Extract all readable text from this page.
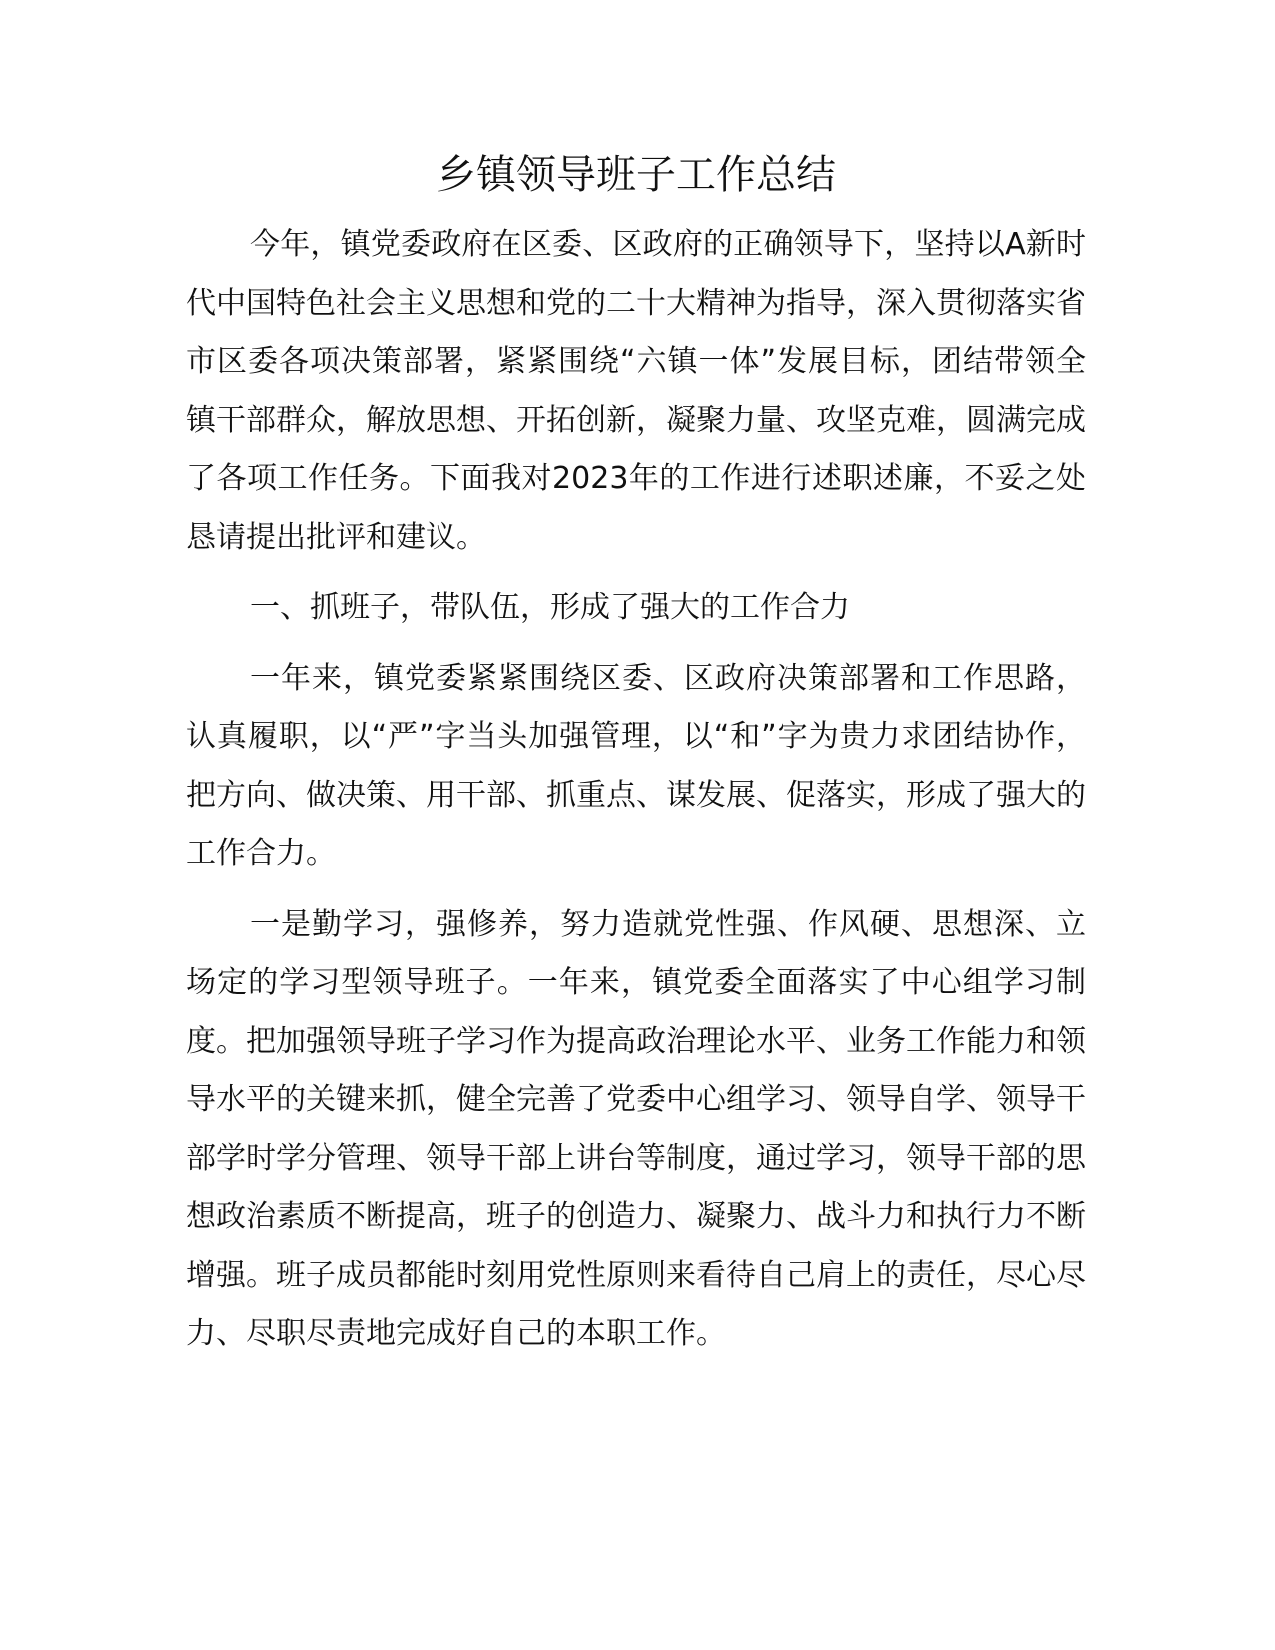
乡镇领导班子工作总结

今年，镇党委政府在区委、区政府的正确领导下，坚持以A新时代中国特色社会主义思想和党的二十大精神为指导，深入贯彻落实省市区委各项决策部署，紧紧围绕“六镇一体”发展目标，团结带领全镇干部群众，解放思想、开拓创新，凝聚力量、攻坚克难，圆满完成了各项工作任务。下面我对2023年的工作进行述职述廉，不妥之处恳请提出批评和建议。

一、抓班子，带队伍，形成了强大的工作合力

一年来，镇党委紧紧围绕区委、区政府决策部署和工作思路，认真履职，以“严”字当头加强管理，以“和”字为贵力求团结协作，把方向、做决策、用干部、抓重点、谋发展、促落实，形成了强大的工作合力。

一是勤学习，强修养，努力造就党性强、作风硬、思想深、立场定的学习型领导班子。一年来，镇党委全面落实了中心组学习制度。把加强领导班子学习作为提高政治理论水平、业务工作能力和领导水平的关键来抓，健全完善了党委中心组学习、领导自学、领导干部学时学分管理、领导干部上讲台等制度，通过学习，领导干部的思想政治素质不断提高，班子的创造力、凝聚力、战斗力和执行力不断增强。班子成员都能时刻用党性原则来看待自己肩上的责任，尽心尽力、尽职尽责地完成好自己的本职工作。
